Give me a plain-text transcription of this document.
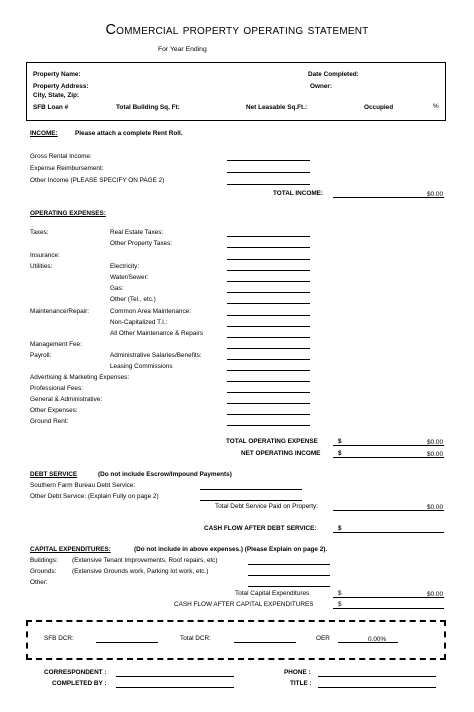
Commercial property operating statement
For Year Ending
Property Name:	Date Completed:
Property Address:	Owner:
City, State, Zip:
SFB Loan #	Total Building Sq. Ft:	Net Leasable Sq.Ft.:	Occupied	%
INCOME:	Please attach a complete Rent Roll.
Gross Rental Income:
Expense Reimbursement:
Other Income (PLEASE SPECIFY ON PAGE 2)
TOTAL INCOME:	$0.00
OPERATING EXPENSES:
Taxes:	Real Estate Taxes:
Other Property Taxes:
Insurance:
Utilities:	Electricity:
Water/Sewer:
Gas:
Other (Tel., etc.)
Maintenance/Repair:	Common Area Maintenance:
Non-Capitalized T.I.:
All Other Maintenance & Repairs
Management Fee:
Payroll:	Administrative Salaries/Benefits:
Leasing Commissions
Advertising & Marketing Expenses:
Professional Fees:
General & Administrative:
Other Expenses:
Ground Rent:
TOTAL OPERATING EXPENSE	$	$0.00
NET OPERATING INCOME	$	$0.00
DEBT SERVICE	(Do not include Escrow/Impound Payments)
Southern Farm Bureau Debt Service:
Other Debt Service: (Explain Fully on page 2)
Total Debt Service Paid on Property:	$0.00
CASH FLOW AFTER DEBT SERVICE:	$
CAPITAL EXPENDITURES:	(Do not include in above expenses.) (Please Explain on page 2).
Buildings: (Extensive Tenant Improvements, Roof repairs, etc)
Grounds: (Extensive Grounds work, Parking lot work, etc.)
Other:
Total Capital Expenditures	$	$0.00
CASH FLOW AFTER CAPITAL EXPENDITURES	$
SFB DCR:	Total DCR:	OER	0.00%
CORRESPONDENT :	PHONE :
COMPLETED BY :	TITLE :
